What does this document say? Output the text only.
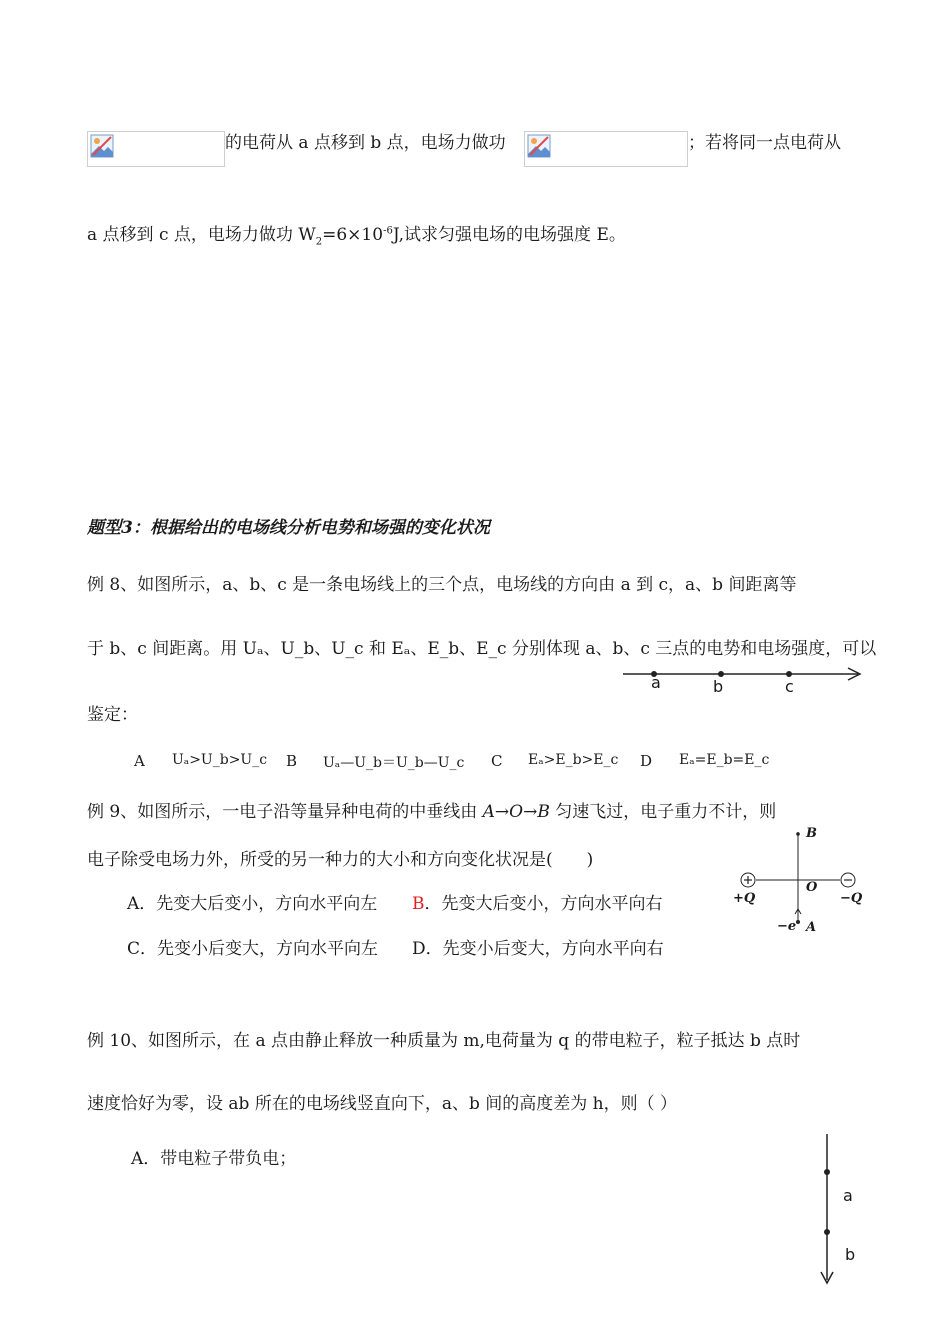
的电荷从 a 点移到 b 点，电场力做功	；若将同一点电荷从
a 点移到 c 点，电场力做功 $W_2=6\times 10^{-6}J$,试求匀强电场的电场强度 E。
题型3：根据给出的电场线分析电势和场强的变化状况
例 8、如图所示，a、b、c 是一条电场线上的三个点，电场线的方向由 a 到 c，a、b 间距离等
于 b、c 间距离。用 Uₐ、U_b、U_c 和 Eₐ、E_b、E_c 分别体现 a、b、c 三点的电势和电场强度，可以
鉴定：
a	b	c
A Uₐ>U_b>U_c B Uₐ—U_b＝U_b—U_c C Eₐ>E_b>E_c D Eₐ=E_b=E_c
例 9、如图所示，一电子沿等量异种电荷的中垂线由 A→O→B 匀速飞过，电子重力不计，则
电子除受电场力外，所受的另一种力的大小和方向变化状况是(　　)
A．先变大后变小，方向水平向左 B．先变大后变小，方向水平向右
C．先变小后变大，方向水平向左 D．先变小后变大，方向水平向右
B
O
+Q	−Q
−e A
例 10、如图所示，在 a 点由静止释放一种质量为 m,电荷量为 q 的带电粒子，粒子抵达 b 点时
速度恰好为零，设 ab 所在的电场线竖直向下，a、b 间的高度差为 h，则（ ）
A．带电粒子带负电；
a
b
